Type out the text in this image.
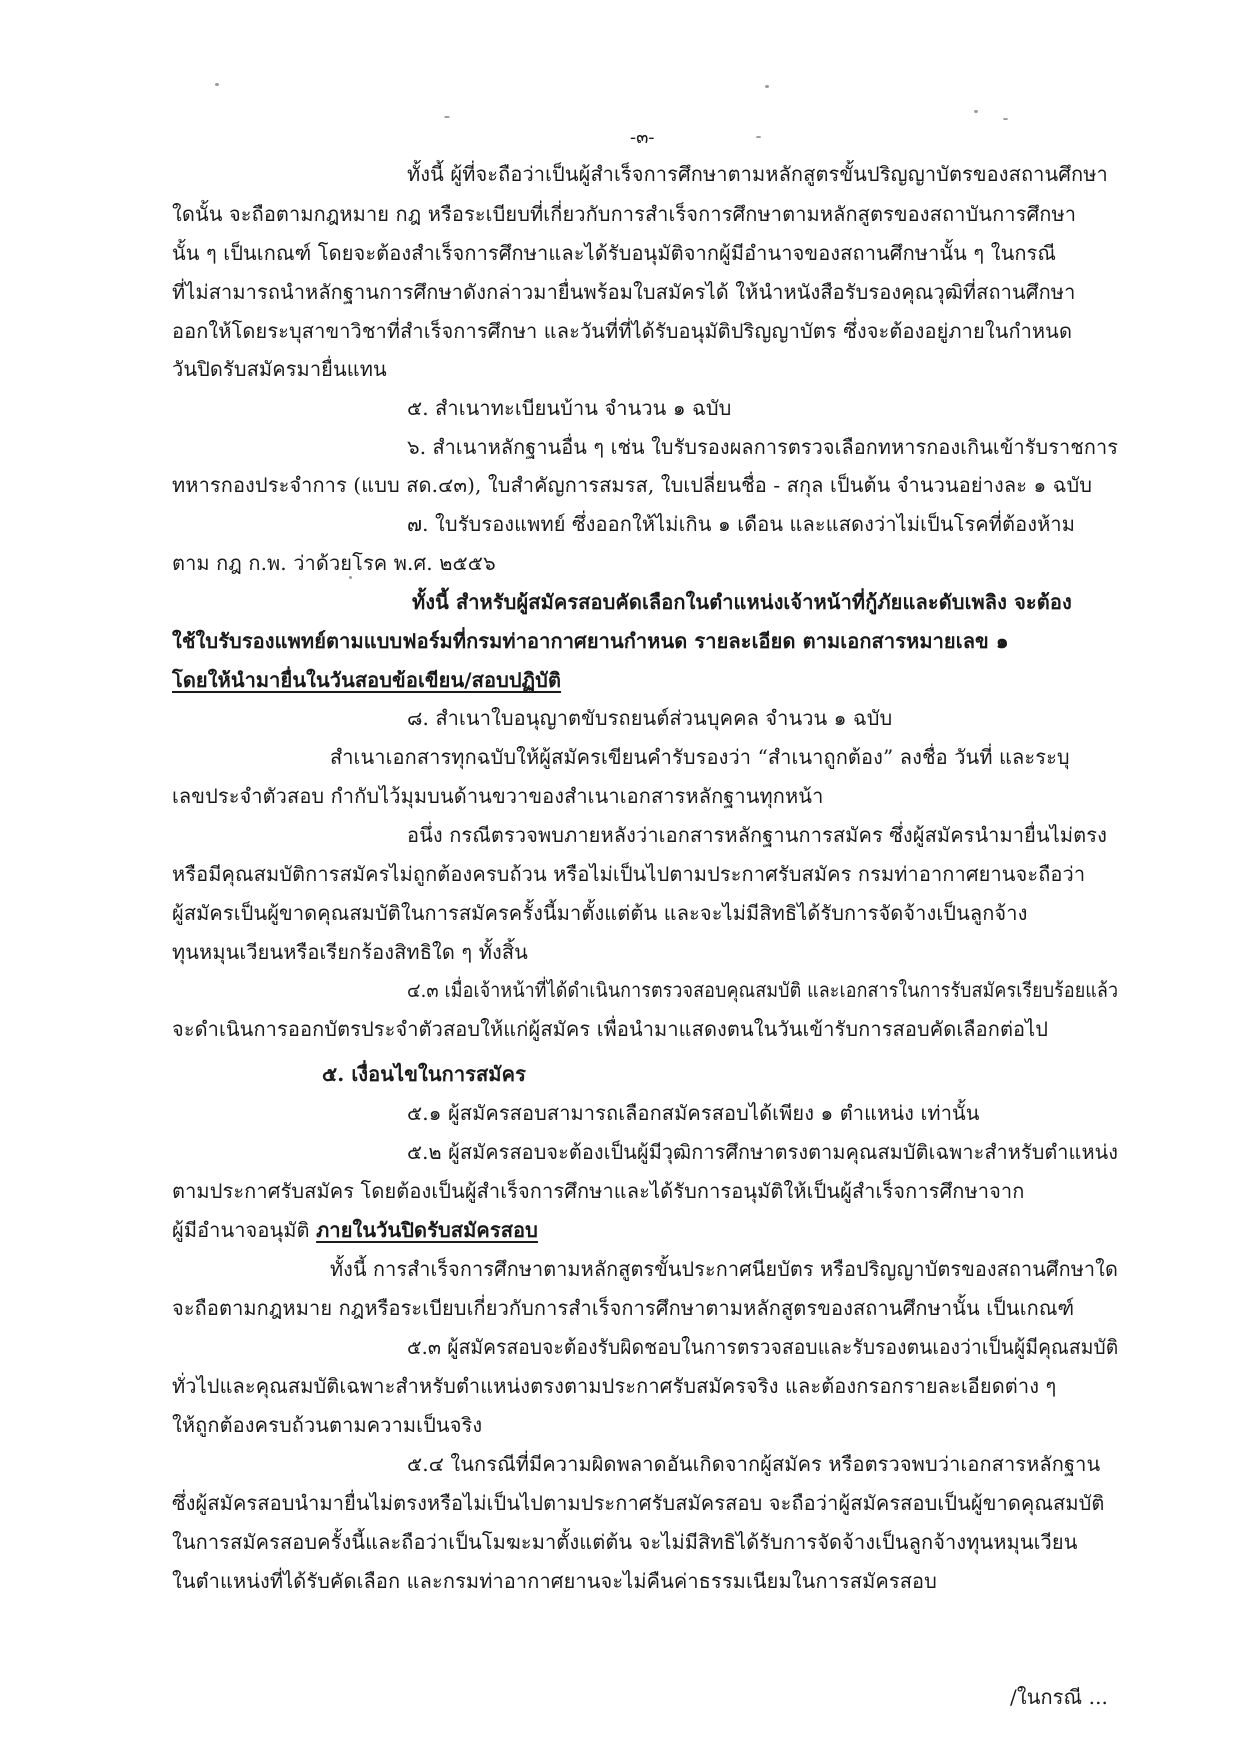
-๓-
ทั้งนี้ ผู้ที่จะถือว่าเป็นผู้สำเร็จการศึกษาตามหลักสูตรขั้นปริญญาบัตรของสถานศึกษา
ใดนั้น จะถือตามกฎหมาย กฎ หรือระเบียบที่เกี่ยวกับการสำเร็จการศึกษาตามหลักสูตรของสถาบันการศึกษา
นั้น ๆ เป็นเกณฑ์ โดยจะต้องสำเร็จการศึกษาและได้รับอนุมัติจากผู้มีอำนาจของสถานศึกษานั้น ๆ ในกรณี
ที่ไม่สามารถนำหลักฐานการศึกษาดังกล่าวมายื่นพร้อมใบสมัครได้ ให้นำหนังสือรับรองคุณวุฒิที่สถานศึกษา
ออกให้โดยระบุสาขาวิชาที่สำเร็จการศึกษา และวันที่ที่ได้รับอนุมัติปริญญาบัตร ซึ่งจะต้องอยู่ภายในกำหนด
วันปิดรับสมัครมายื่นแทน
๕. สำเนาทะเบียนบ้าน จำนวน ๑ ฉบับ
๖. สำเนาหลักฐานอื่น ๆ เช่น ใบรับรองผลการตรวจเลือกทหารกองเกินเข้ารับราชการ
ทหารกองประจำการ (แบบ สด.๔๓), ใบสำคัญการสมรส, ใบเปลี่ยนชื่อ - สกุล เป็นต้น จำนวนอย่างละ ๑ ฉบับ
๗. ใบรับรองแพทย์ ซึ่งออกให้ไม่เกิน ๑ เดือน และแสดงว่าไม่เป็นโรคที่ต้องห้าม
ตาม กฎ ก.พ. ว่าด้วยโรค พ.ศ. ๒๕๕๖
ทั้งนี้ สำหรับผู้สมัครสอบคัดเลือกในตำแหน่งเจ้าหน้าที่กู้ภัยและดับเพลิง จะต้อง
ใช้ใบรับรองแพทย์ตามแบบฟอร์มที่กรมท่าอากาศยานกำหนด รายละเอียด ตามเอกสารหมายเลข ๑
โดยให้นำมายื่นในวันสอบข้อเขียน/สอบปฏิบัติ
๘. สำเนาใบอนุญาตขับรถยนต์ส่วนบุคคล จำนวน ๑ ฉบับ
สำเนาเอกสารทุกฉบับให้ผู้สมัครเขียนคำรับรองว่า “สำเนาถูกต้อง” ลงชื่อ วันที่ และระบุ
เลขประจำตัวสอบ กำกับไว้มุมบนด้านขวาของสำเนาเอกสารหลักฐานทุกหน้า
อนึ่ง กรณีตรวจพบภายหลังว่าเอกสารหลักฐานการสมัคร ซึ่งผู้สมัครนำมายื่นไม่ตรง
หรือมีคุณสมบัติการสมัครไม่ถูกต้องครบถ้วน หรือไม่เป็นไปตามประกาศรับสมัคร กรมท่าอากาศยานจะถือว่า
ผู้สมัครเป็นผู้ขาดคุณสมบัติในการสมัครครั้งนี้มาตั้งแต่ต้น และจะไม่มีสิทธิได้รับการจัดจ้างเป็นลูกจ้าง
ทุนหมุนเวียนหรือเรียกร้องสิทธิใด ๆ ทั้งสิ้น
๔.๓ เมื่อเจ้าหน้าที่ได้ดำเนินการตรวจสอบคุณสมบัติ และเอกสารในการรับสมัครเรียบร้อยแล้ว
จะดำเนินการออกบัตรประจำตัวสอบให้แก่ผู้สมัคร เพื่อนำมาแสดงตนในวันเข้ารับการสอบคัดเลือกต่อไป
๕. เงื่อนไขในการสมัคร
๕.๑ ผู้สมัครสอบสามารถเลือกสมัครสอบได้เพียง ๑ ตำแหน่ง เท่านั้น
๕.๒ ผู้สมัครสอบจะต้องเป็นผู้มีวุฒิการศึกษาตรงตามคุณสมบัติเฉพาะสำหรับตำแหน่ง
ตามประกาศรับสมัคร โดยต้องเป็นผู้สำเร็จการศึกษาและได้รับการอนุมัติให้เป็นผู้สำเร็จการศึกษาจาก
ผู้มีอำนาจอนุมัติ ภายในวันปิดรับสมัครสอบ
ทั้งนี้ การสำเร็จการศึกษาตามหลักสูตรขั้นประกาศนียบัตร หรือปริญญาบัตรของสถานศึกษาใด
จะถือตามกฎหมาย กฎหรือระเบียบเกี่ยวกับการสำเร็จการศึกษาตามหลักสูตรของสถานศึกษานั้น เป็นเกณฑ์
๕.๓ ผู้สมัครสอบจะต้องรับผิดชอบในการตรวจสอบและรับรองตนเองว่าเป็นผู้มีคุณสมบัติ
ทั่วไปและคุณสมบัติเฉพาะสำหรับตำแหน่งตรงตามประกาศรับสมัครจริง และต้องกรอกรายละเอียดต่าง ๆ
ให้ถูกต้องครบถ้วนตามความเป็นจริง
๕.๔ ในกรณีที่มีความผิดพลาดอันเกิดจากผู้สมัคร หรือตรวจพบว่าเอกสารหลักฐาน
ซึ่งผู้สมัครสอบนำมายื่นไม่ตรงหรือไม่เป็นไปตามประกาศรับสมัครสอบ จะถือว่าผู้สมัครสอบเป็นผู้ขาดคุณสมบัติ
ในการสมัครสอบครั้งนี้และถือว่าเป็นโมฆะมาตั้งแต่ต้น จะไม่มีสิทธิได้รับการจัดจ้างเป็นลูกจ้างทุนหมุนเวียน
ในตำแหน่งที่ได้รับคัดเลือก และกรมท่าอากาศยานจะไม่คืนค่าธรรมเนียมในการสมัครสอบ
/ในกรณี ...
